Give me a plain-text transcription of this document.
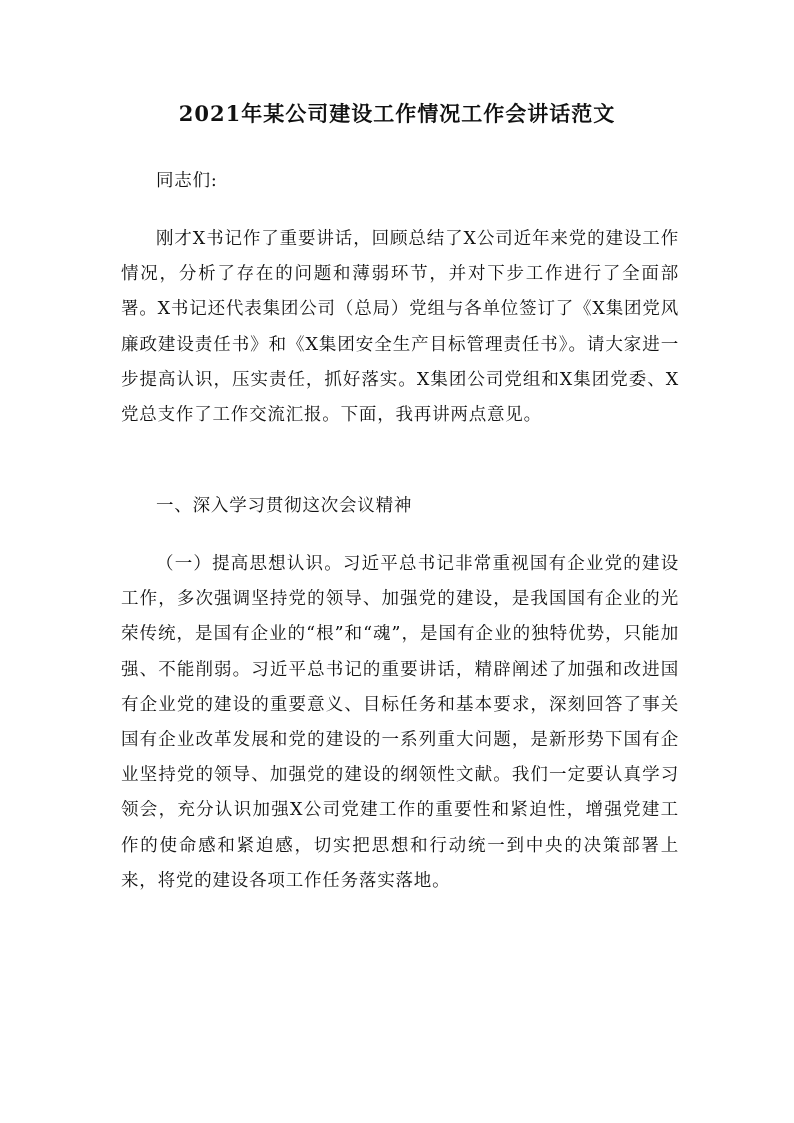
2021年某公司建设工作情况工作会讲话范文

同志们:

刚才X书记作了重要讲话，回顾总结了X公司近年来党的建设工作情况，分析了存在的问题和薄弱环节，并对下步工作进行了全面部署。X书记还代表集团公司（总局）党组与各单位签订了《X集团党风廉政建设责任书》和《X集团安全生产目标管理责任书》。请大家进一步提高认识，压实责任，抓好落实。X集团公司党组和X集团党委、X党总支作了工作交流汇报。下面，我再讲两点意见。

一、深入学习贯彻这次会议精神

（一）提高思想认识。习近平总书记非常重视国有企业党的建设工作，多次强调坚持党的领导、加强党的建设，是我国国有企业的光荣传统，是国有企业的“根”和“魂”，是国有企业的独特优势，只能加强、不能削弱。习近平总书记的重要讲话，精辟阐述了加强和改进国有企业党的建设的重要意义、目标任务和基本要求，深刻回答了事关国有企业改革发展和党的建设的一系列重大问题，是新形势下国有企业坚持党的领导、加强党的建设的纲领性文献。我们一定要认真学习领会，充分认识加强X公司党建工作的重要性和紧迫性，增强党建工作的使命感和紧迫感，切实把思想和行动统一到中央的决策部署上来，将党的建设各项工作任务落实落地。
